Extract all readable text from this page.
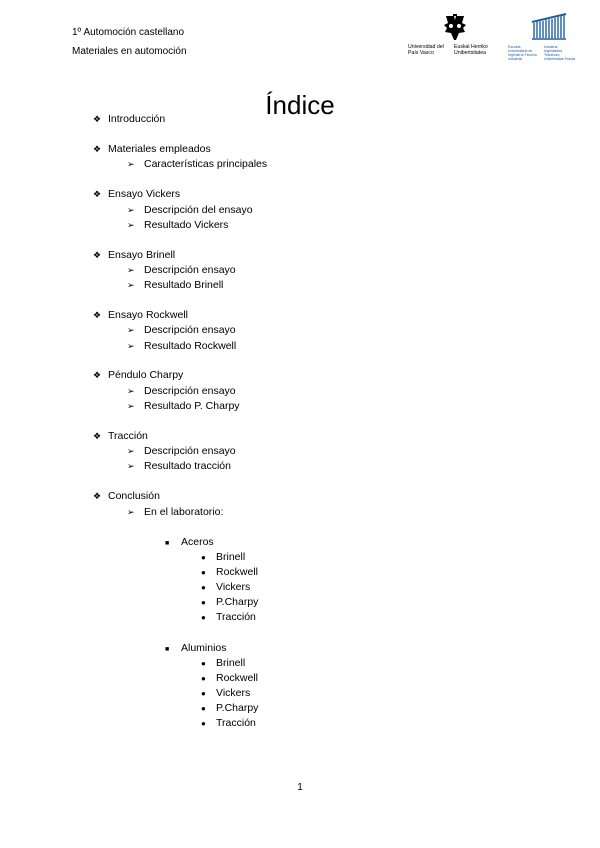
1º Automoción castellano
Materiales en automoción	Universidad del País Vasco
Euskal Herriko Unibertsitatea
Escuela Universitaria de Ingeniería Técnica Industrial
Industria Ingeniaritza Teknikoko Unibertsitate Eskola
Índice
❖ Introducción
❖ Materiales empleados
➢ Características principales
❖ Ensayo Vickers
➢ Descripción del ensayo
➢ Resultado Vickers
❖ Ensayo Brinell
➢ Descripción ensayo
➢ Resultado Brinell
❖ Ensayo Rockwell
➢ Descripción ensayo
➢ Resultado Rockwell
❖ Péndulo Charpy
➢ Descripción ensayo
➢ Resultado P. Charpy
❖ Tracción
➢ Descripción ensayo
➢ Resultado tracción
❖ Conclusión
➢ En el laboratorio:
■ Aceros
● Brinell
● Rockwell
● Vickers
● P.Charpy
● Tracción
■ Aluminios
● Brinell
● Rockwell
● Vickers
● P.Charpy
● Tracción
1
